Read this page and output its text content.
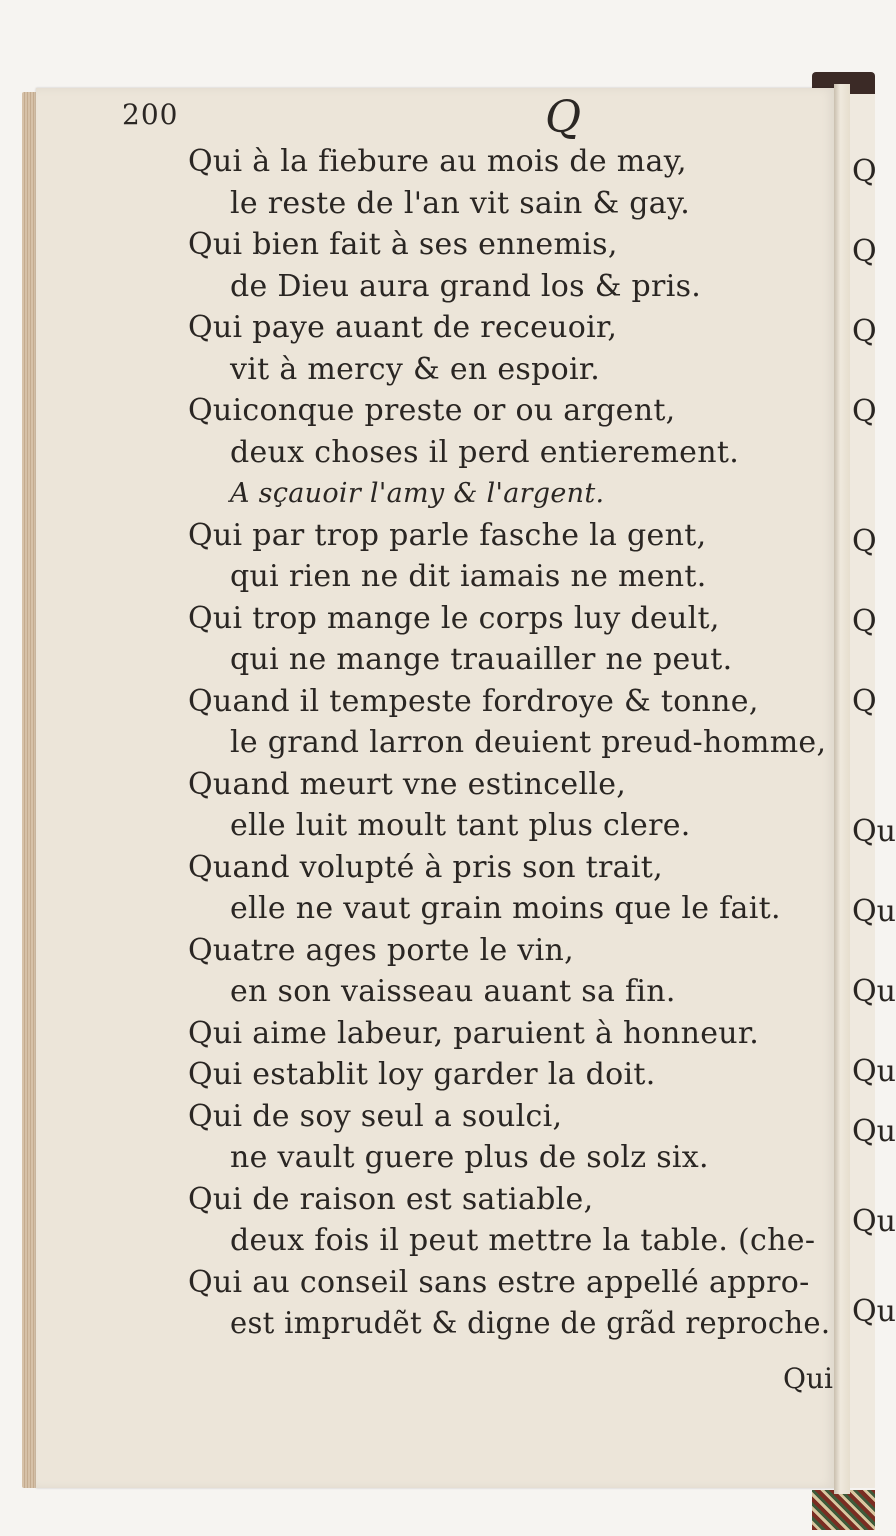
Q
Q
Q
Q
Q
Q
Q
Qu
Qu
Qu
Qu
Qu
Qu
Qu
200	Q
Qui à la fiebure au mois de may,
le reste de l'an vit sain & gay.
Qui bien fait à ses ennemis,
de Dieu aura grand los & pris.
Qui paye auant de receuoir,
vit à mercy & en espoir.
Quiconque preste or ou argent,
deux choses il perd entierement.
A sçauoir l'amy & l'argent.
Qui par trop parle fasche la gent,
qui rien ne dit iamais ne ment.
Qui trop mange le corps luy deult,
qui ne mange trauailler ne peut.
Quand il tempeste fordroye & tonne,
le grand larron deuient preud-homme,
Quand meurt vne estincelle,
elle luit moult tant plus clere.
Quand volupté à pris son trait,
elle ne vaut grain moins que le fait.
Quatre ages porte le vin,
en son vaisseau auant sa fin.
Qui aime labeur, paruient à honneur.
Qui establit loy garder la doit.
Qui de soy seul a soulci,
ne vault guere plus de solz six.
Qui de raison est satiable,
deux fois il peut mettre la table. (che-
Qui au conseil sans estre appellé appro-
est imprudẽt & digne de grãd reproche.
Qui
